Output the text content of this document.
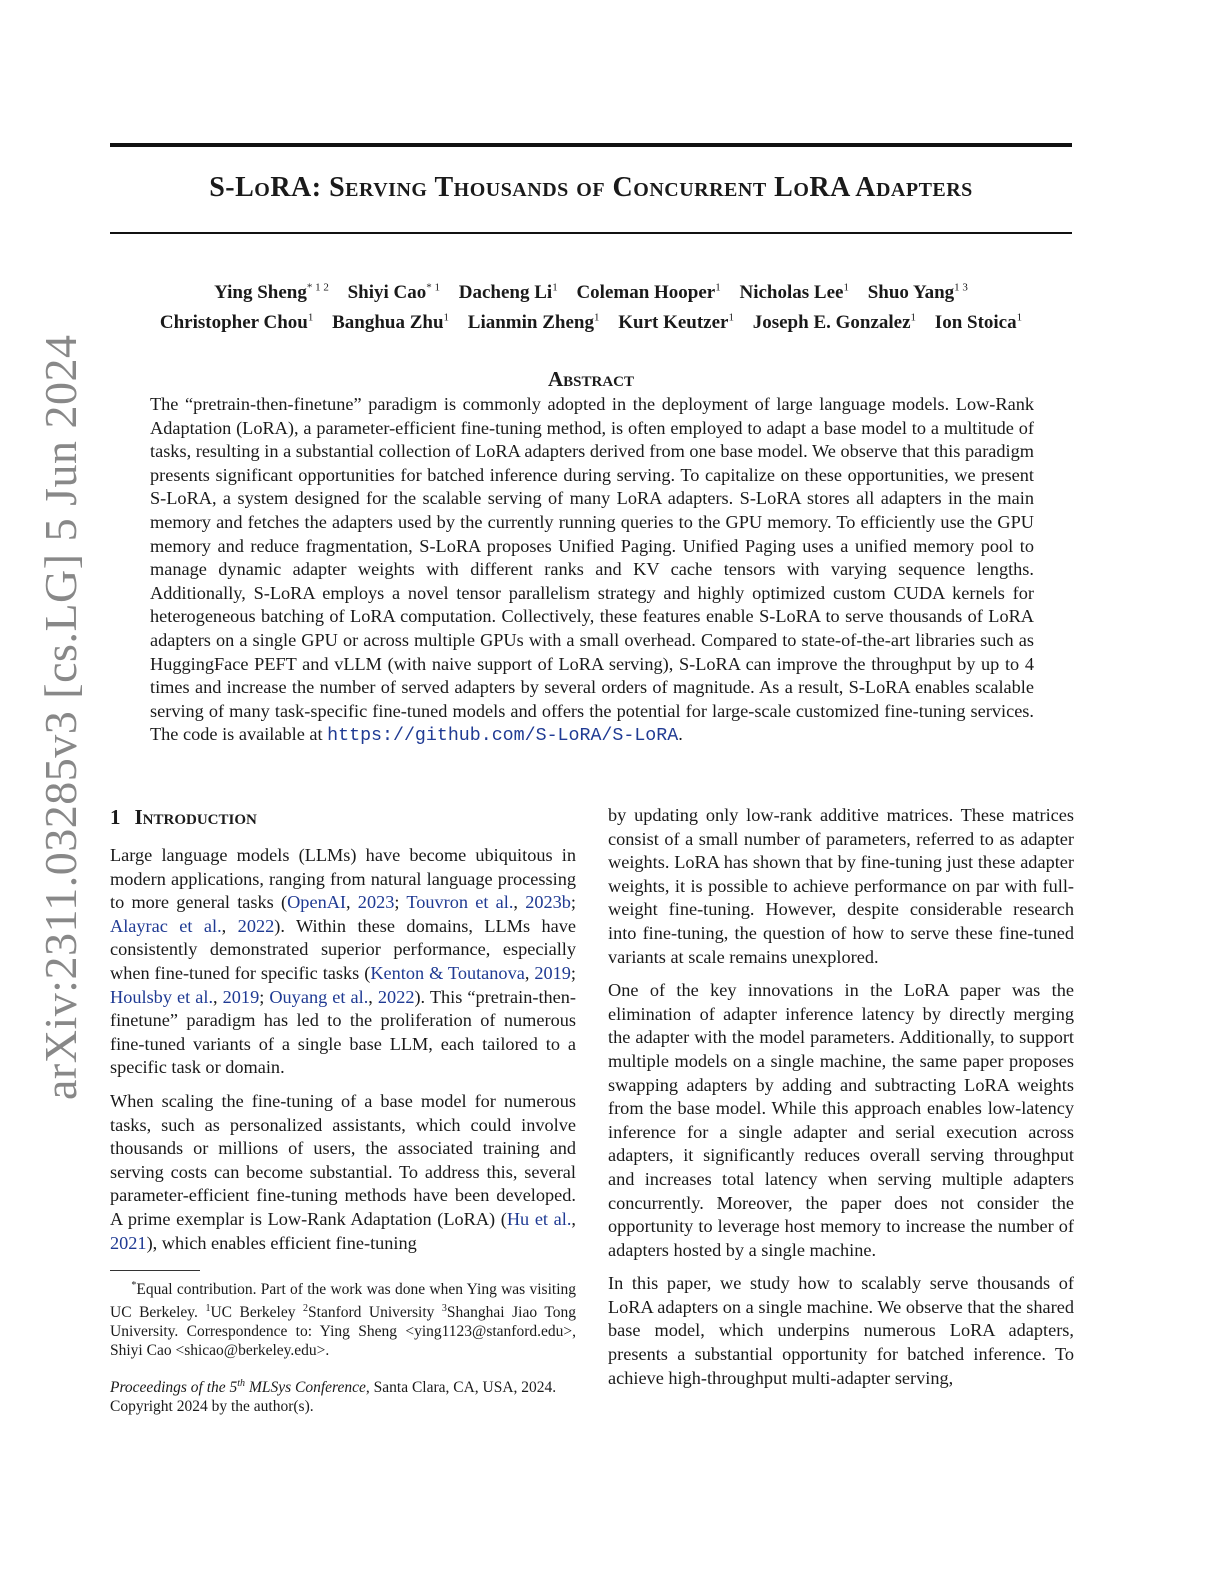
arXiv:2311.03285v3 [cs.LG] 5 Jun 2024
S-LoRA: Serving Thousands of Concurrent LoRA Adapters
Ying Sheng$^{* 1 2}$ Shiyi Cao$^{* 1}$ Dacheng Li$^1$ Coleman Hooper$^1$ Nicholas Lee$^1$ Shuo Yang$^{1 3}$
Christopher Chou$^1$ Banghua Zhu$^1$ Lianmin Zheng$^1$ Kurt Keutzer$^1$ Joseph E. Gonzalez$^1$ Ion Stoica$^1$
Abstract

The “pretrain-then-finetune” paradigm is commonly adopted in the deployment of large language models. Low-Rank Adaptation (LoRA), a parameter-efficient fine-tuning method, is often employed to adapt a base model to a multitude of tasks, resulting in a substantial collection of LoRA adapters derived from one base model. We observe that this paradigm presents significant opportunities for batched inference during serving. To capitalize on these opportunities, we present S-LoRA, a system designed for the scalable serving of many LoRA adapters. S-LoRA stores all adapters in the main memory and fetches the adapters used by the currently running queries to the GPU memory. To efficiently use the GPU memory and reduce fragmentation, S-LoRA proposes Unified Paging. Unified Paging uses a unified memory pool to manage dynamic adapter weights with different ranks and KV cache tensors with varying sequence lengths. Additionally, S-LoRA employs a novel tensor parallelism strategy and highly optimized custom CUDA kernels for heterogeneous batching of LoRA computation. Collectively, these features enable S-LoRA to serve thousands of LoRA adapters on a single GPU or across multiple GPUs with a small overhead. Compared to state-of-the-art libraries such as HuggingFace PEFT and vLLM (with naive support of LoRA serving), S-LoRA can improve the throughput by up to 4 times and increase the number of served adapters by several orders of magnitude. As a result, S-LoRA enables scalable serving of many task-specific fine-tuned models and offers the potential for large-scale customized fine-tuning services. The code is available at https://github.com/S-LoRA/S-LoRA.

1 Introduction

Large language models (LLMs) have become ubiquitous in modern applications, ranging from natural language processing to more general tasks (OpenAI, 2023; Touvron et al., 2023b; Alayrac et al., 2022). Within these domains, LLMs have consistently demonstrated superior performance, especially when fine-tuned for specific tasks (Kenton & Toutanova, 2019; Houlsby et al., 2019; Ouyang et al., 2022). This “pretrain-then-finetune” paradigm has led to the proliferation of numerous fine-tuned variants of a single base LLM, each tailored to a specific task or domain.

When scaling the fine-tuning of a base model for numerous tasks, such as personalized assistants, which could involve thousands or millions of users, the associated training and serving costs can become substantial. To address this, several parameter-efficient fine-tuning methods have been developed. A prime exemplar is Low-Rank Adaptation (LoRA) (Hu et al., 2021), which enables efficient fine-tuning

*Equal contribution. Part of the work was done when Ying was visiting UC Berkeley. $^1$UC Berkeley $^2$Stanford University $^3$Shanghai Jiao Tong University. Correspondence to: Ying Sheng <ying1123@stanford.edu>, Shiyi Cao <shicao@berkeley.edu>.

Proceedings of the 5th MLSys Conference, Santa Clara, CA, USA, 2024. Copyright 2024 by the author(s).

by updating only low-rank additive matrices. These matrices consist of a small number of parameters, referred to as adapter weights. LoRA has shown that by fine-tuning just these adapter weights, it is possible to achieve performance on par with full-weight fine-tuning. However, despite considerable research into fine-tuning, the question of how to serve these fine-tuned variants at scale remains unexplored.

One of the key innovations in the LoRA paper was the elimination of adapter inference latency by directly merging the adapter with the model parameters. Additionally, to support multiple models on a single machine, the same paper proposes swapping adapters by adding and subtracting LoRA weights from the base model. While this approach enables low-latency inference for a single adapter and serial execution across adapters, it significantly reduces overall serving throughput and increases total latency when serving multiple adapters concurrently. Moreover, the paper does not consider the opportunity to leverage host memory to increase the number of adapters hosted by a single machine.

In this paper, we study how to scalably serve thousands of LoRA adapters on a single machine. We observe that the shared base model, which underpins numerous LoRA adapters, presents a substantial opportunity for batched inference. To achieve high-throughput multi-adapter serving,
